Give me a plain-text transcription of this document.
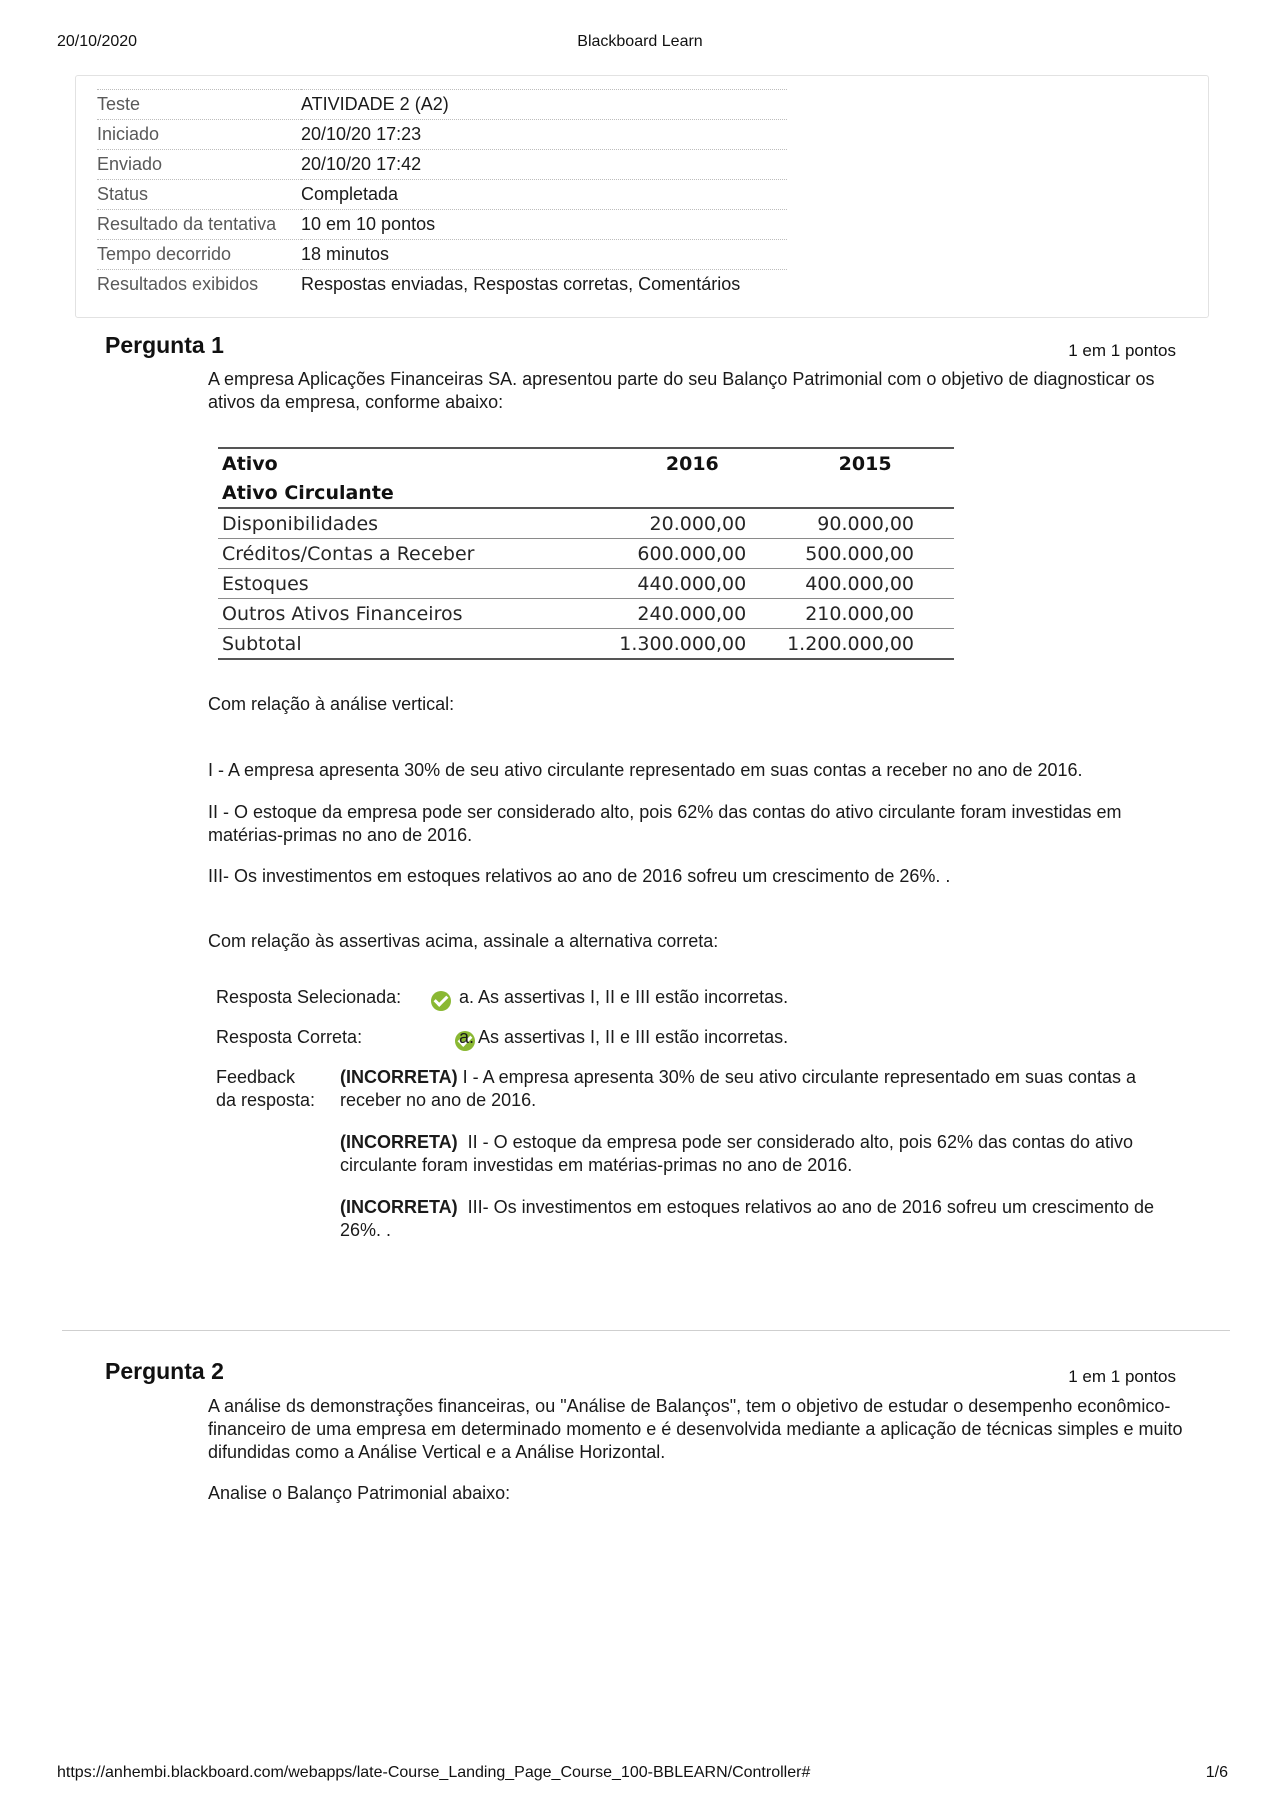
20/10/2020	Blackboard Learn
Teste	ATIVIDADE 2 (A2)
Iniciado	20/10/20 17:23
Enviado	20/10/20 17:42
Status	Completada
Resultado da tentativa	10 em 10 pontos
Tempo decorrido	18 minutos
Resultados exibidos	Respostas enviadas, Respostas corretas, Comentários
Pergunta 1	1 em 1 pontos
A empresa Aplicações Financeiras SA. apresentou parte do seu Balanço Patrimonial com o objetivo de diagnosticar os ativos da empresa, conforme abaixo:
Ativo	2016	2015
Ativo Circulante		
Disponibilidades	20.000,00	90.000,00
Créditos/Contas a Receber	600.000,00	500.000,00
Estoques	440.000,00	400.000,00
Outros Ativos Financeiros	240.000,00	210.000,00
Subtotal	1.300.000,00	1.200.000,00
Com relação à análise vertical:
I - A empresa apresenta 30% de seu ativo circulante representado em suas contas a receber no ano de 2016.
II - O estoque da empresa pode ser considerado alto, pois 62% das contas do ativo circulante foram investidas em matérias-primas no ano de 2016.
III- Os investimentos em estoques relativos ao ano de 2016 sofreu um crescimento de 26%. .
Com relação às assertivas acima, assinale a alternativa correta:
Resposta Selecionada:
	a. As assertivas I, II e III estão incorretas.
Resposta Correta:	a. As assertivas I, II e III estão incorretas.
Feedback
da resposta:
(INCORRETA) I - A empresa apresenta 30% de seu ativo circulante representado em suas contas a receber no ano de 2016.
(INCORRETA)  II - O estoque da empresa pode ser considerado alto, pois 62% das contas do ativo circulante foram investidas em matérias-primas no ano de 2016.
(INCORRETA)  III- Os investimentos em estoques relativos ao ano de 2016 sofreu um crescimento de 26%. .
Pergunta 2	1 em 1 pontos
A análise ds demonstrações financeiras, ou "Análise de Balanços", tem o objetivo de estudar o desempenho econômico-financeiro de uma empresa em determinado momento e é desenvolvida mediante a aplicação de técnicas simples e muito difundidas como a Análise Vertical e a Análise Horizontal.
Analise o Balanço Patrimonial abaixo:
https://anhembi.blackboard.com/webapps/late-Course_Landing_Page_Course_100-BBLEARN/Controller#	1/6
